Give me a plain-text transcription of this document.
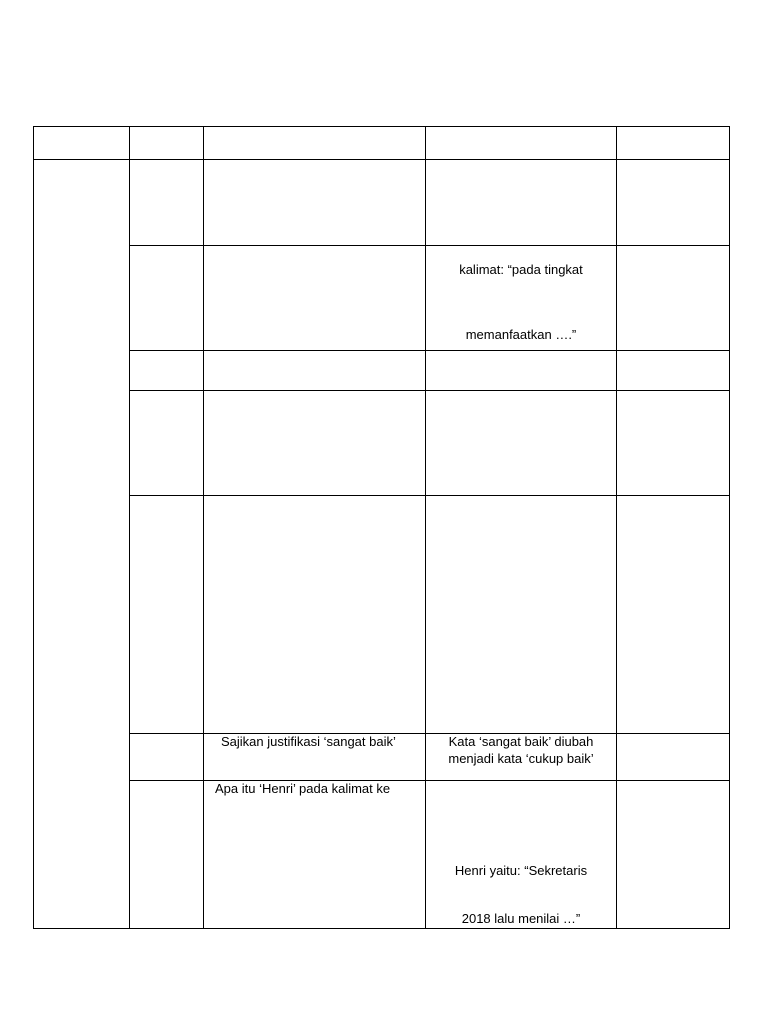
kalimat: “pada tingkat
memanfaatkan ….”
Sajikan justifikasi ‘sangat baik’	Kata ‘sangat baik’ diubah
menjadi kata ‘cukup baik’
Apa itu ‘Henri’ pada kalimat ke
Henri yaitu: “Sekretaris
2018 lalu menilai …”
